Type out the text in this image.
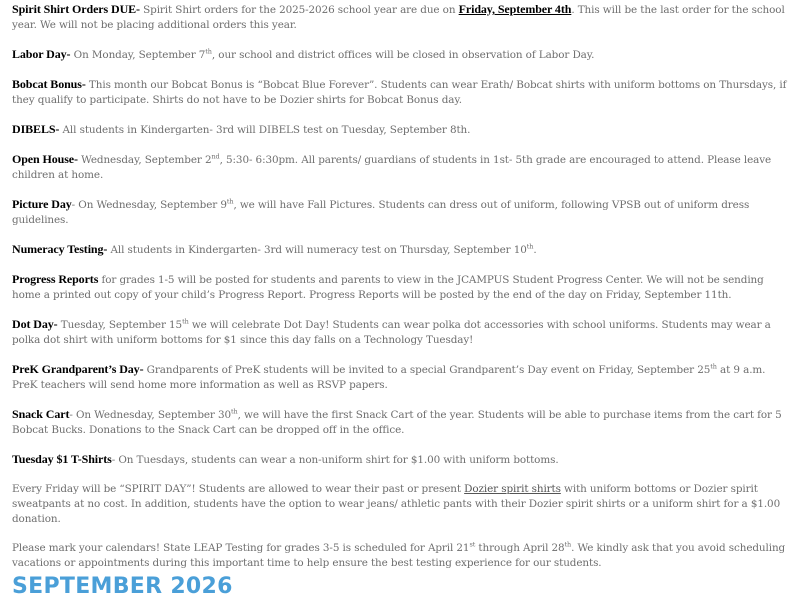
Spirit Shirt Orders DUE- Spirit Shirt orders for the 2025-2026 school year are due on Friday, September 4th. This will be the last order for the school year. We will not be placing additional orders this year.

Labor Day- On Monday, September 7th, our school and district offices will be closed in observation of Labor Day.

Bobcat Bonus- This month our Bobcat Bonus is “Bobcat Blue Forever”. Students can wear Erath/ Bobcat shirts with uniform bottoms on Thursdays, if they qualify to participate. Shirts do not have to be Dozier shirts for Bobcat Bonus day.

DIBELS- All students in Kindergarten- 3rd will DIBELS test on Tuesday, September 8th.

Open House- Wednesday, September 2nd, 5:30- 6:30pm. All parents/ guardians of students in 1st- 5th grade are encouraged to attend. Please leave children at home.

Picture Day- On Wednesday, September 9th, we will have Fall Pictures. Students can dress out of uniform, following VPSB out of uniform dress guidelines.

Numeracy Testing- All students in Kindergarten- 3rd will numeracy test on Thursday, September 10th.

Progress Reports for grades 1-5 will be posted for students and parents to view in the JCAMPUS Student Progress Center. We will not be sending home a printed out copy of your child’s Progress Report. Progress Reports will be posted by the end of the day on Friday, September 11th.

Dot Day- Tuesday, September 15th we will celebrate Dot Day! Students can wear polka dot accessories with school uniforms. Students may wear a polka dot shirt with uniform bottoms for $1 since this day falls on a Technology Tuesday!

PreK Grandparent’s Day- Grandparents of PreK students will be invited to a special Grandparent’s Day event on Friday, September 25th at 9 a.m. PreK teachers will send home more information as well as RSVP papers.

Snack Cart- On Wednesday, September 30th, we will have the first Snack Cart of the year. Students will be able to purchase items from the cart for 5 Bobcat Bucks. Donations to the Snack Cart can be dropped off in the office.

Tuesday $1 T-Shirts- On Tuesdays, students can wear a non-uniform shirt for $1.00 with uniform bottoms.

Every Friday will be “SPIRIT DAY”! Students are allowed to wear their past or present Dozier spirit shirts with uniform bottoms or Dozier spirit sweatpants at no cost. In addition, students have the option to wear jeans/ athletic pants with their Dozier spirit shirts or a uniform shirt for a $1.00 donation.

Please mark your calendars! State LEAP Testing for grades 3-5 is scheduled for April 21st through April 28th. We kindly ask that you avoid scheduling vacations or appointments during this important time to help ensure the best testing experience for our students.

SEPTEMBER 2026
